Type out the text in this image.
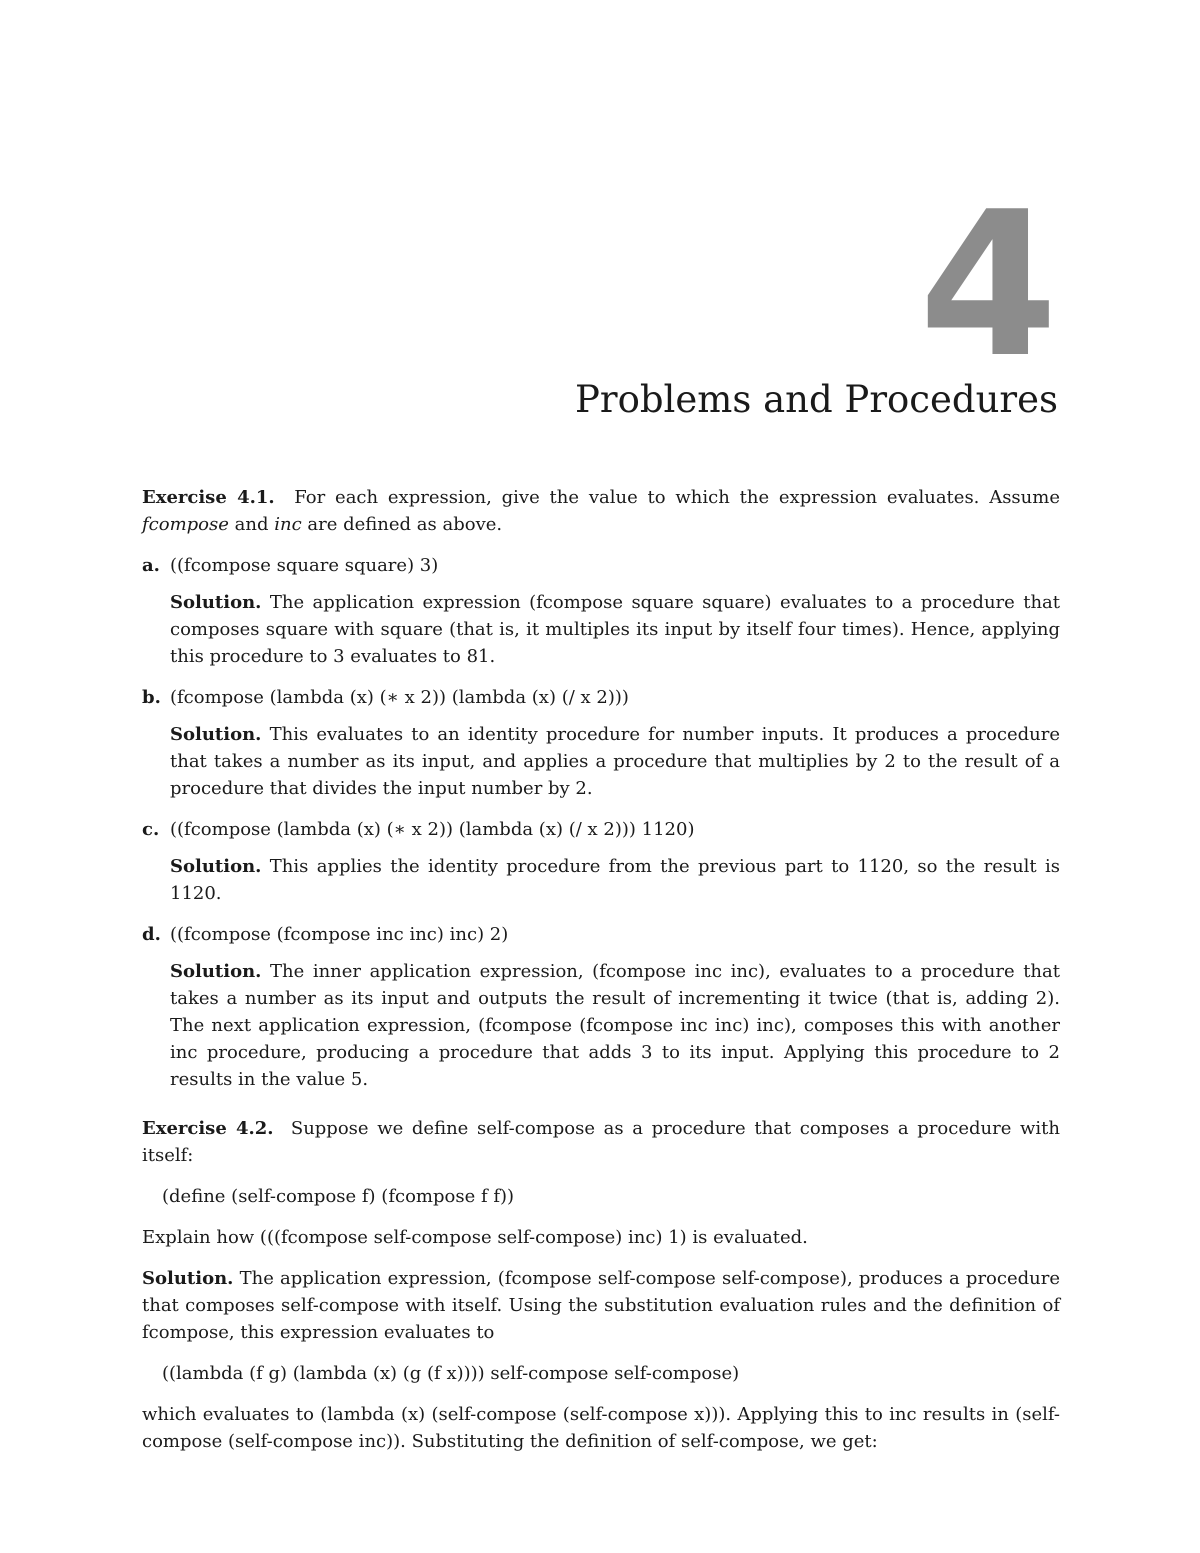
4
Problems and Procedures

Exercise 4.1. For each expression, give the value to which the expression evaluates. Assume fcompose and inc are defined as above.

a. ((fcompose square square) 3)

Solution. The application expression (fcompose square square) evaluates to a procedure that composes square with square (that is, it multiples its input by itself four times). Hence, applying this procedure to 3 evaluates to 81.

b. (fcompose (lambda (x) (∗ x 2)) (lambda (x) (/ x 2)))

Solution. This evaluates to an identity procedure for number inputs. It produces a procedure that takes a number as its input, and applies a procedure that multiplies by 2 to the result of a procedure that divides the input number by 2.

c. ((fcompose (lambda (x) (∗ x 2)) (lambda (x) (/ x 2))) 1120)

Solution. This applies the identity procedure from the previous part to 1120, so the result is 1120.

d. ((fcompose (fcompose inc inc) inc) 2)

Solution. The inner application expression, (fcompose inc inc), evaluates to a procedure that takes a number as its input and outputs the result of incrementing it twice (that is, adding 2). The next application expression, (fcompose (fcompose inc inc) inc), composes this with another inc procedure, producing a procedure that adds 3 to its input. Applying this procedure to 2 results in the value 5.

Exercise 4.2. Suppose we define self-compose as a procedure that composes a procedure with itself:

(define (self-compose f) (fcompose f f))

Explain how (((fcompose self-compose self-compose) inc) 1) is evaluated.

Solution. The application expression, (fcompose self-compose self-compose), produces a procedure that composes self-compose with itself. Using the substitution evaluation rules and the definition of fcompose, this expression evaluates to

((lambda (f g) (lambda (x) (g (f x)))) self-compose self-compose)

which evaluates to (lambda (x) (self-compose (self-compose x))). Applying this to inc results in (self-compose (self-compose inc)). Substituting the definition of self-compose, we get:
